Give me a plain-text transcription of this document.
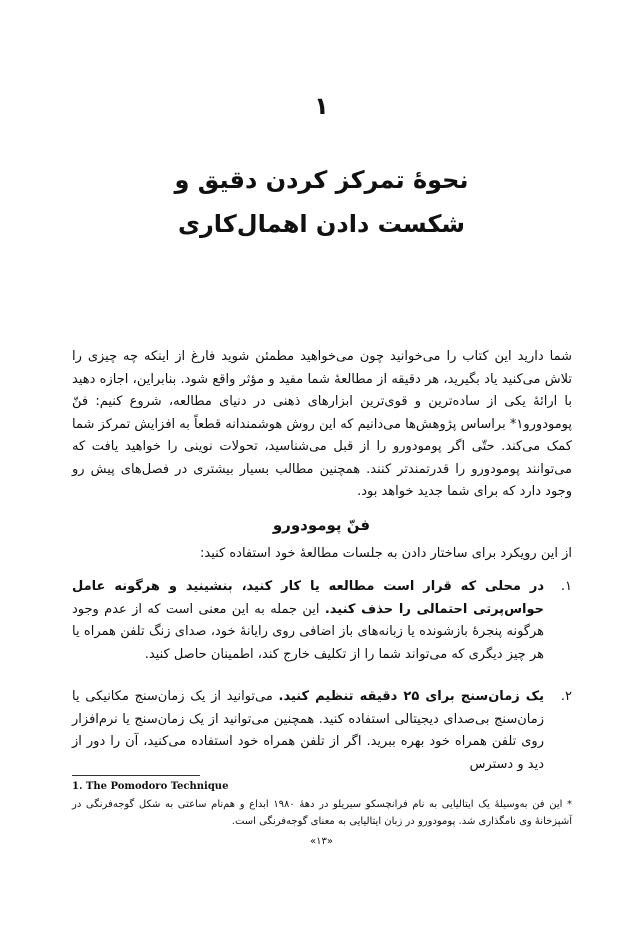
۱
نحوهٔ تمرکز کردن دقیق و
شکست دادن اهمال‌کاری
شما دارید این کتاب را می‌خوانید چون می‌خواهید مطمئن شوید فارغ از اینکه چه چیزی را تلاش می‌کنید یاد بگیرید، هر دقیقه از مطالعهٔ شما مفید و مؤثر واقع شود. بنابراین، اجازه دهید با ارائهٔ یکی از ساده‌ترین و قوی‌ترین ابزارهای ذهنی در دنیای مطالعه، شروع کنیم: فنّ پومودورو۱* براساس پژوهش‌ها می‌دانیم که این روش هوشمندانه قطعاً به افزایش تمرکز شما کمک می‌کند. حتّی اگر پومودورو را از قبل می‌شناسید، تحولات نوینی را خواهید یافت که می‌توانند پومودورو را قدرتمندتر کنند. همچنین مطالب بسیار بیشتری در فصل‌های پیش رو وجود دارد که برای شما جدید خواهد بود.
فنّ پومودورو
از این رویکرد برای ساختار دادن به جلسات مطالعهٔ خود استفاده کنید:
۱.
در محلی که قرار است مطالعه یا کار کنید، بنشینید و هرگونه عامل حواس‌پرتی احتمالی را حذف کنید. این جمله به این معنی است که از عدم وجود هرگونه پنجرهٔ بازشونده یا زبانه‌های باز اضافی روی رایانهٔ خود، صدای زنگ تلفن همراه یا هر چیز دیگری که می‌تواند شما را از تکلیف خارج کند، اطمینان حاصل کنید.
۲.
یک زمان‌سنج برای ۲۵ دقیقه تنظیم کنید. می‌توانید از یک زمان‌سنج مکانیکی یا زمان‌سنج بی‌صدای دیجیتالی استفاده کنید. همچنین می‌توانید از یک زمان‌سنج یا نرم‌افزار روی تلفن همراه خود بهره ببرید. اگر از تلفن همراه خود استفاده می‌کنید، آن را دور از دید و دسترس
1. The Pomodoro Technique
* این فن به‌وسیلهٔ یک ایتالیایی به نام فرانچسکو سیریلو در دههٔ ۱۹۸۰ ابداع و هم‌نام ساعتی به شکل گوجه‌فرنگی در آشپزخانهٔ وی نامگذاری شد. پومودورو در زبان ایتالیایی به معنای گوجه‌فرنگی است.
«۱۳»
